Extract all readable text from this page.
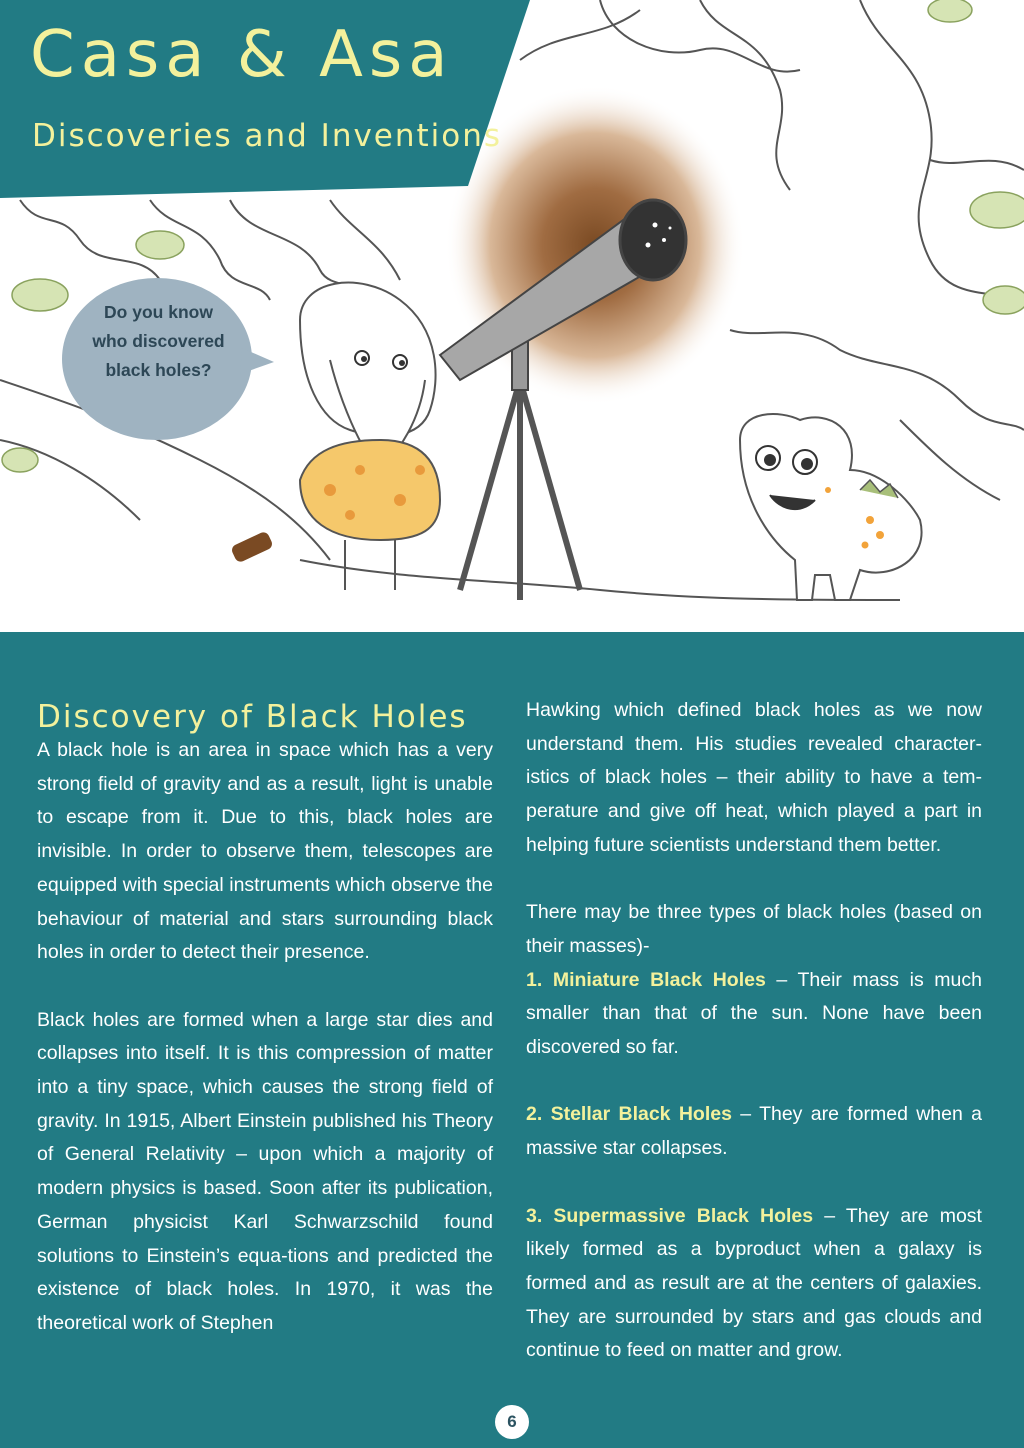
Casa & Asa
Discoveries and Inventions
Do you know who discovered black holes?
Discovery of Black Holes

A black hole is an area in space which has a very strong field of gravity and as a result, light is unable to escape from it. Due to this, black holes are invisible. In order to observe them, telescopes are equipped with special instruments which observe the behaviour of material and stars surrounding black holes in order to detect their presence.

Black holes are formed when a large star dies and collapses into itself. It is this compression of matter into a tiny space, which causes the strong field of gravity. In 1915, Albert Einstein published his Theory of General Relativity – upon which a majority of modern physics is based. Soon after its publication, German physicist Karl Schwarzschild found solutions to Einstein’s equa-tions and predicted the existence of black holes. In 1970, it was the theoretical work of Stephen

Hawking which defined black holes as we now understand them. His studies revealed character-istics of black holes – their ability to have a tem-perature and give off heat, which played a part in helping future scientists understand them better.

There may be three types of black holes (based on their masses)-

1. Miniature Black Holes – Their mass is much smaller than that of the sun. None have been discovered so far.

2. Stellar Black Holes – They are formed when a massive star collapses.

3. Supermassive Black Holes – They are most likely formed as a byproduct when a galaxy is formed and as result are at the centers of galaxies. They are surrounded by stars and gas clouds and continue to feed on matter and grow.

6
